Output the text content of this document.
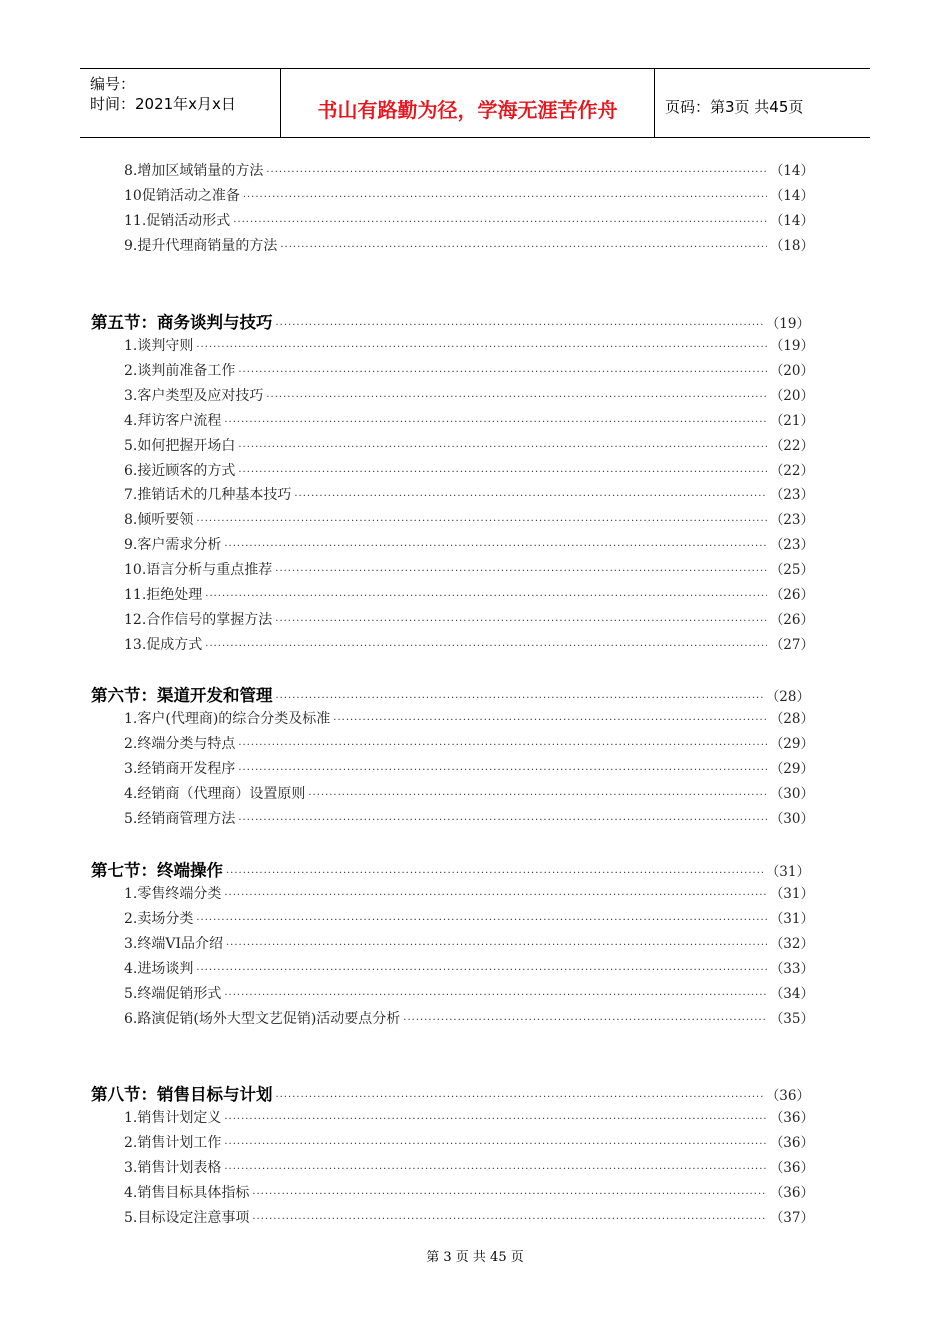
编号：
时间：2021年x月x日	书山有路勤为径，学海无涯苦作舟	页码：第3页 共45页
8.增加区域销量的方法 ·····	（14）
10促销活动之准备 ·····	（14）
11.促销活动形式 ·····	（14）
9.提升代理商销量的方法 ·····	（18）
第五节：商务谈判与技巧 ·····	（19）
1.谈判守则 ·····	（19）
2.谈判前准备工作 ·····	（20）
3.客户类型及应对技巧 ·····	（20）
4.拜访客户流程 ·····	（21）
5.如何把握开场白 ·····	（22）
6.接近顾客的方式 ·····	（22）
7.推销话术的几种基本技巧 ·····	（23）
8.倾听要领 ·····	（23）
9.客户需求分析 ·····	（23）
10.语言分析与重点推荐 ·····	（25）
11.拒绝处理 ·····	（26）
12.合作信号的掌握方法 ·····	（26）
13.促成方式 ·····	（27）
第六节：渠道开发和管理 ·····	（28）
1.客户(代理商)的综合分类及标准 ·····	（28）
2.终端分类与特点 ·····	（29）
3.经销商开发程序 ·····	（29）
4.经销商（代理商）设置原则 ·····	（30）
5.经销商管理方法 ·····	（30）
第七节：终端操作 ·····	（31）
1.零售终端分类 ·····	（31）
2.卖场分类 ·····	（31）
3.终端VI品介绍 ·····	（32）
4.进场谈判 ·····	（33）
5.终端促销形式 ·····	（34）
6.路演促销(场外大型文艺促销)活动要点分析 ·····	（35）
第八节：销售目标与计划 ·····	（36）
1.销售计划定义 ·····	（36）
2.销售计划工作 ·····	（36）
3.销售计划表格 ·····	（36）
4.销售目标具体指标 ·····	（36）
5.目标设定注意事项 ·····	（37）
第 3 页 共 45 页
